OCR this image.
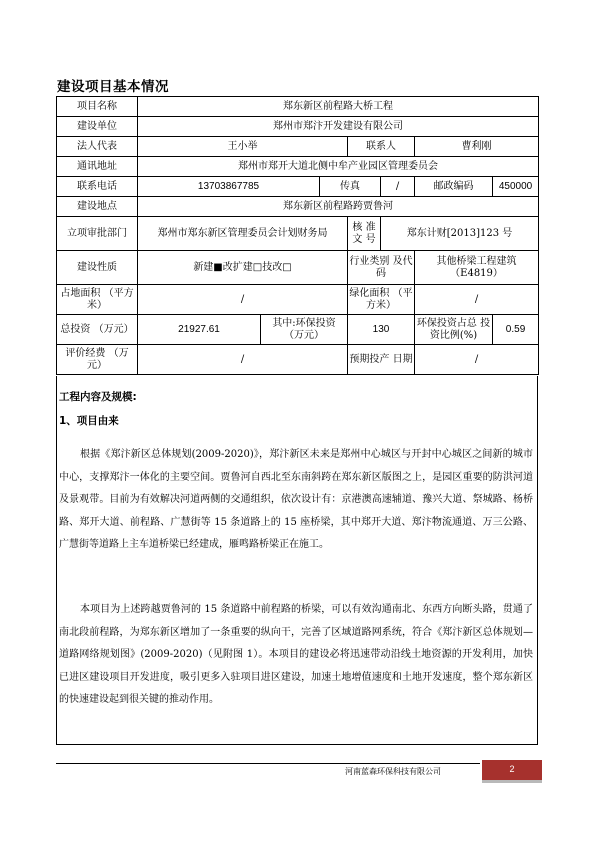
建设项目基本情况
项目名称	郑东新区前程路大桥工程						
建设单位	郑州市郑汴开发建设有限公司						
法人代表	王小举			联系人		曹利刚	
通讯地址	郑州市郑开大道北侧中牟产业园区管理委员会						
联系电话	13703867785		传真		/	邮政编码	450000
建设地点	郑东新区前程路跨贾鲁河						
立项审批部门	郑州市郑东新区管理委员会计划财务局			核 准 文 号	郑东计财[2013]123 号		
建设性质	新建■改扩建□技改□			行业类别 及代码		其他桥梁工程建筑 （E4819）	
占地面积 （平方米）	/			绿化面积 （平方米）		/	
总投资 （万元）	21927.61	其中:环保投资 （万元）		130		环保投资占总 投资比例(%)	0.59
评价经费 （万元）	/			预期投产 日期		/	
工程内容及规模:
1、项目由来
根据《郑汴新区总体规划(2009-2020)》，郑汴新区未来是郑州中心城区与开封中心城区之间新的城市中心，支撑郑汴一体化的主要空间。贾鲁河自西北至东南斜跨在郑东新区版图之上，是园区重要的防洪河道及景观带。目前为有效解决河道两侧的交通组织，依次设计有：京港澳高速辅道、豫兴大道、祭城路、杨桥路、郑开大道、前程路、广慧街等 15 条道路上的 15 座桥梁，其中郑开大道、郑汴物流通道、万三公路、广慧街等道路上主车道桥梁已经建成，雁鸣路桥梁正在施工。
本项目为上述跨越贾鲁河的 15 条道路中前程路的桥梁，可以有效沟通南北、东西方向断头路，贯通了南北段前程路，为郑东新区增加了一条重要的纵向干，完善了区域道路网系统，符合《郑汴新区总体规划—道路网络规划图》(2009-2020)（见附图 1）。本项目的建设必将迅速带动沿线土地资源的开发利用，加快已进区建设项目开发进度，吸引更多入驻项目进区建设，加速土地增值速度和土地开发速度，整个郑东新区的快速建设起到很关键的推动作用。
河南蓝森环保科技有限公司	2
